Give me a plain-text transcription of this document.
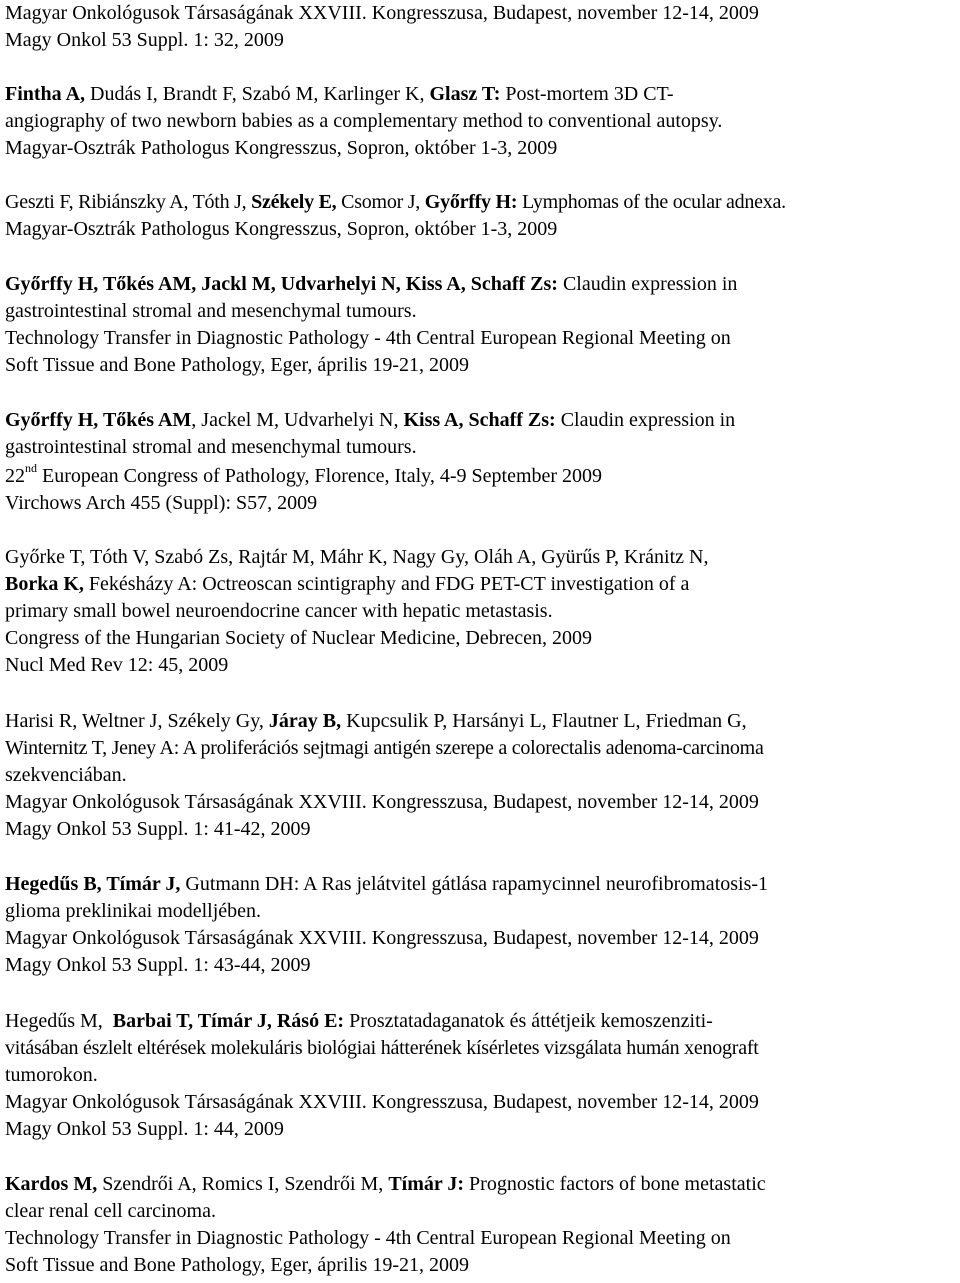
Magyar Onkológusok Társaságának XXVIII. Kongresszusa, Budapest, november 12-14, 2009
Magy Onkol 53 Suppl. 1: 32, 2009
Fintha A, Dudás I, Brandt F, Szabó M, Karlinger K, Glasz T: Post-mortem 3D CT-
angiography of two newborn babies as a complementary method to conventional autopsy.
Magyar-Osztrák Pathologus Kongresszus, Sopron, október 1-3, 2009
Geszti F, Ribiánszky A, Tóth J, Székely E, Csomor J, Győrffy H: Lymphomas of the ocular adnexa.
Magyar-Osztrák Pathologus Kongresszus, Sopron, október 1-3, 2009
Győrffy H, Tőkés AM, Jackl M, Udvarhelyi N, Kiss A, Schaff Zs: Claudin expression in
gastrointestinal stromal and mesenchymal tumours.
Technology Transfer in Diagnostic Pathology - 4th Central European Regional Meeting on
Soft Tissue and Bone Pathology, Eger, április 19-21, 2009
Győrffy H, Tőkés AM, Jackel M, Udvarhelyi N, Kiss A, Schaff Zs: Claudin expression in
gastrointestinal stromal and mesenchymal tumours.
22nd European Congress of Pathology, Florence, Italy, 4-9 September 2009
Virchows Arch 455 (Suppl): S57, 2009
Győrke T, Tóth V, Szabó Zs, Rajtár M, Máhr K, Nagy Gy, Oláh A, Gyürűs P, Kránitz N,
Borka K, Fekésházy A: Octreoscan scintigraphy and FDG PET-CT investigation of a
primary small bowel neuroendocrine cancer with hepatic metastasis.
Congress of the Hungarian Society of Nuclear Medicine, Debrecen, 2009
Nucl Med Rev 12: 45, 2009
Harisi R, Weltner J, Székely Gy, Járay B, Kupcsulik P, Harsányi L, Flautner L, Friedman G,
Winternitz T, Jeney A: A proliferációs sejtmagi antigén szerepe a colorectalis adenoma-carcinoma
szekvenciában.
Magyar Onkológusok Társaságának XXVIII. Kongresszusa, Budapest, november 12-14, 2009
Magy Onkol 53 Suppl. 1: 41-42, 2009
Hegedűs B, Tímár J, Gutmann DH: A Ras jelátvitel gátlása rapamycinnel neurofibromatosis-1
glioma preklinikai modelljében.
Magyar Onkológusok Társaságának XXVIII. Kongresszusa, Budapest, november 12-14, 2009
Magy Onkol 53 Suppl. 1: 43-44, 2009
Hegedűs M,  Barbai T, Tímár J, Rásó E: Prosztatadaganatok és áttétjeik kemoszenziti-
vitásában észlelt eltérések molekuláris biológiai hátterének kísérletes vizsgálata humán xenograft
tumorokon.
Magyar Onkológusok Társaságának XXVIII. Kongresszusa, Budapest, november 12-14, 2009
Magy Onkol 53 Suppl. 1: 44, 2009
Kardos M, Szendrői A, Romics I, Szendrői M, Tímár J: Prognostic factors of bone metastatic
clear renal cell carcinoma.
Technology Transfer in Diagnostic Pathology - 4th Central European Regional Meeting on
Soft Tissue and Bone Pathology, Eger, április 19-21, 2009
